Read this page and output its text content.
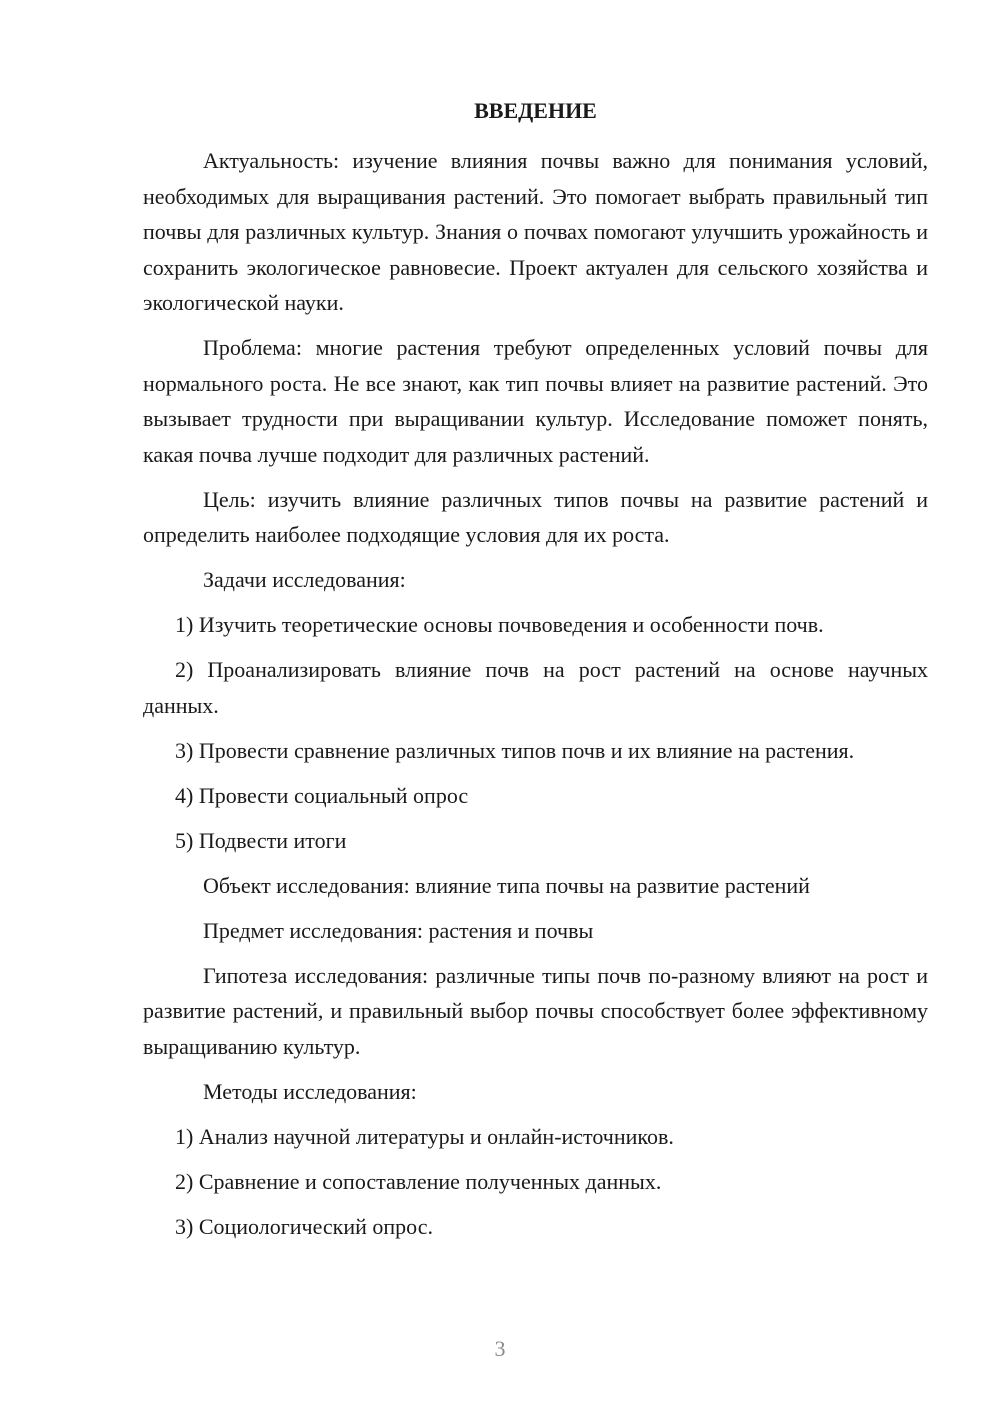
ВВЕДЕНИЕ

Актуальность: изучение влияния почвы важно для понимания условий, необходимых для выращивания растений. Это помогает выбрать правильный тип почвы для различных культур. Знания о почвах помогают улучшить урожайность и сохранить экологическое равновесие. Проект актуален для сельского хозяйства и экологической науки.

Проблема: многие растения требуют определенных условий почвы для нормального роста. Не все знают, как тип почвы влияет на развитие растений. Это вызывает трудности при выращивании культур. Исследование поможет понять, какая почва лучше подходит для различных растений.

Цель: изучить влияние различных типов почвы на развитие растений и определить наиболее подходящие условия для их роста.

Задачи исследования:

1) Изучить теоретические основы почвоведения и особенности почв.

2) Проанализировать влияние почв на рост растений на основе научных данных.

3) Провести сравнение различных типов почв и их влияние на растения.

4) Провести социальный опрос

5) Подвести итоги

Объект исследования: влияние типа почвы на развитие растений

Предмет исследования: растения и почвы

Гипотеза исследования: различные типы почв по-разному влияют на рост и развитие растений, и правильный выбор почвы способствует более эффективному выращиванию культур.

Методы исследования:

1) Анализ научной литературы и онлайн-источников.

2) Сравнение и сопоставление полученных данных.

3) Социологический опрос.

3
